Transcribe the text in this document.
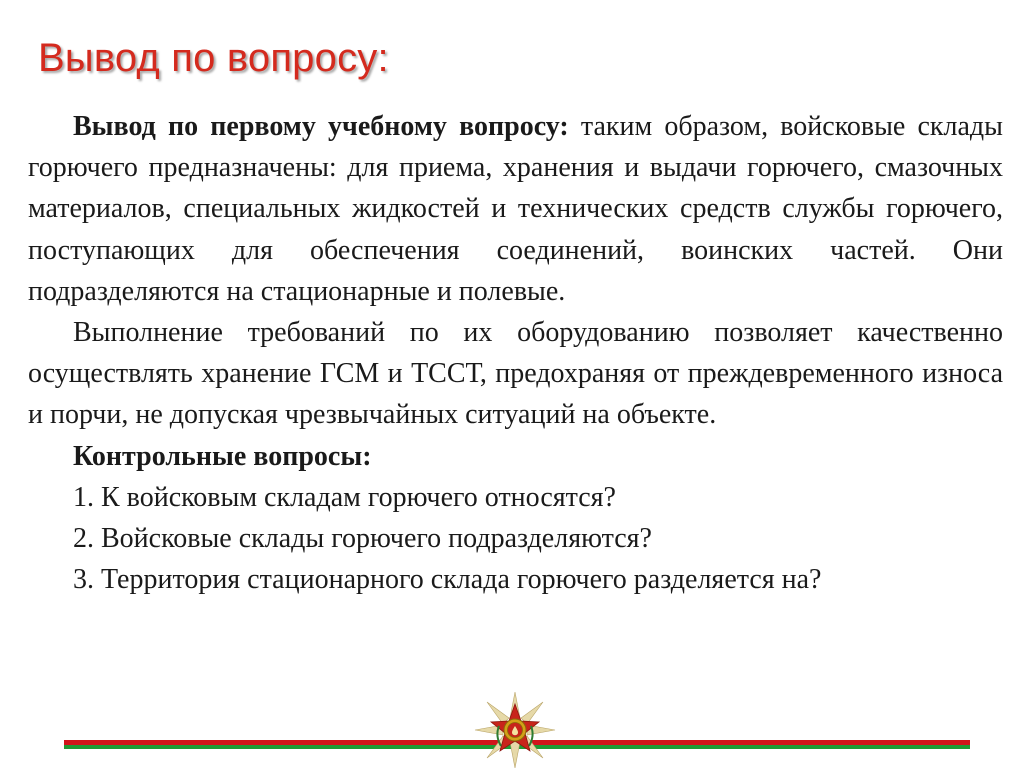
Вывод по вопросу:

Вывод по первому учебному вопросу: таким образом, войсковые склады горючего предназначены: для приема, хранения и выдачи горючего, смазочных материалов, специальных жидкостей и технических средств службы горючего, поступающих для обеспечения соединений, воинских частей. Они подразделяются на стационарные и полевые.

Выполнение требований по их оборудованию позволяет качественно осуществлять хранение ГСМ и ТССТ, предохраняя от преждевременного износа и порчи, не допуская чрезвычайных ситуаций на объекте.

Контрольные вопросы:

1. К войсковым складам горючего относятся?

2. Войсковые склады горючего подразделяются?

3. Территория стационарного склада горючего разделяется на?
